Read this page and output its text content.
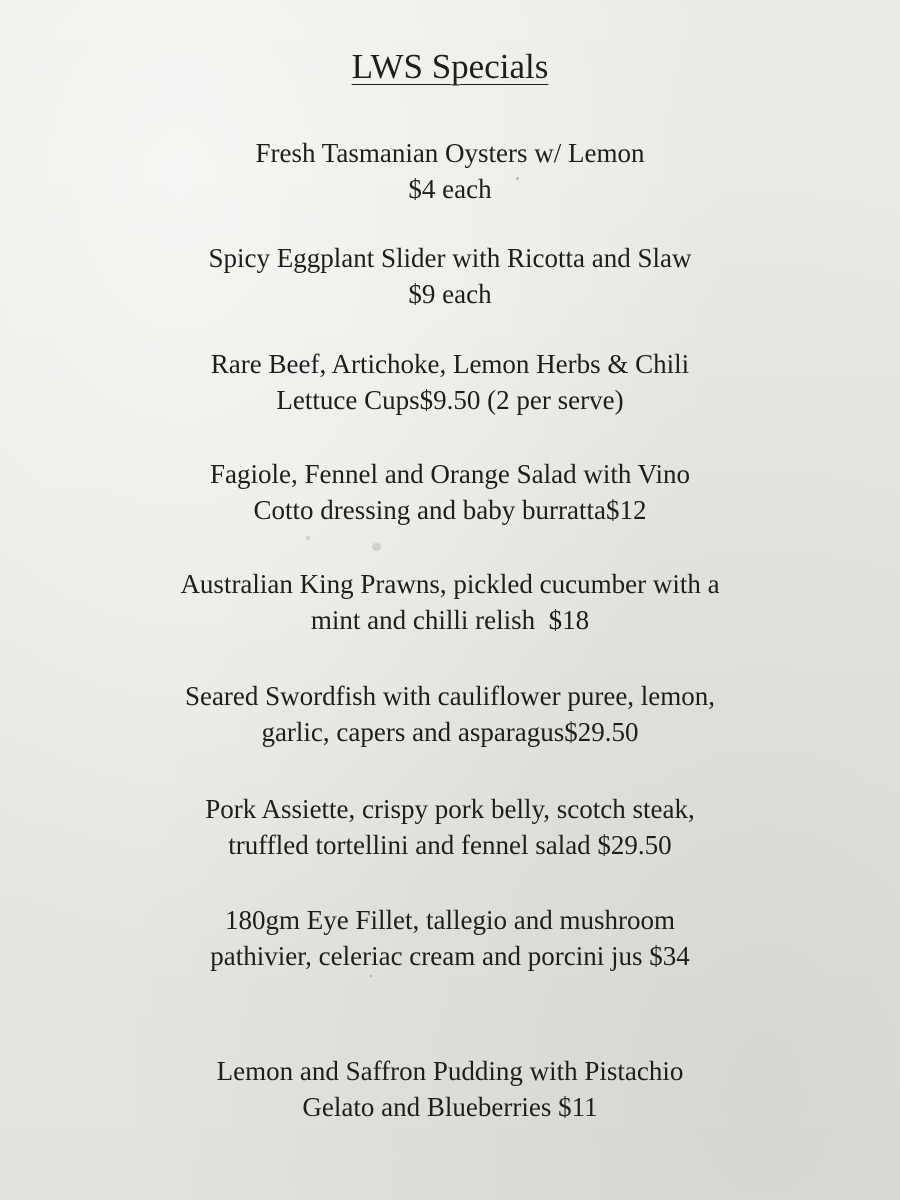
LWS Specials
Fresh Tasmanian Oysters w/ Lemon
$4 each
Spicy Eggplant Slider with Ricotta and Slaw
$9 each
Rare Beef, Artichoke, Lemon Herbs & Chili
Lettuce Cups$9.50 (2 per serve)
Fagiole, Fennel and Orange Salad with Vino
Cotto dressing and baby burratta$12
Australian King Prawns, pickled cucumber with a
mint and chilli relish  $18
Seared Swordfish with cauliflower puree, lemon,
garlic, capers and asparagus$29.50
Pork Assiette, crispy pork belly, scotch steak,
truffled tortellini and fennel salad $29.50
180gm Eye Fillet, tallegio and mushroom
pathivier, celeriac cream and porcini jus $34
Lemon and Saffron Pudding with Pistachio
Gelato and Blueberries $11
